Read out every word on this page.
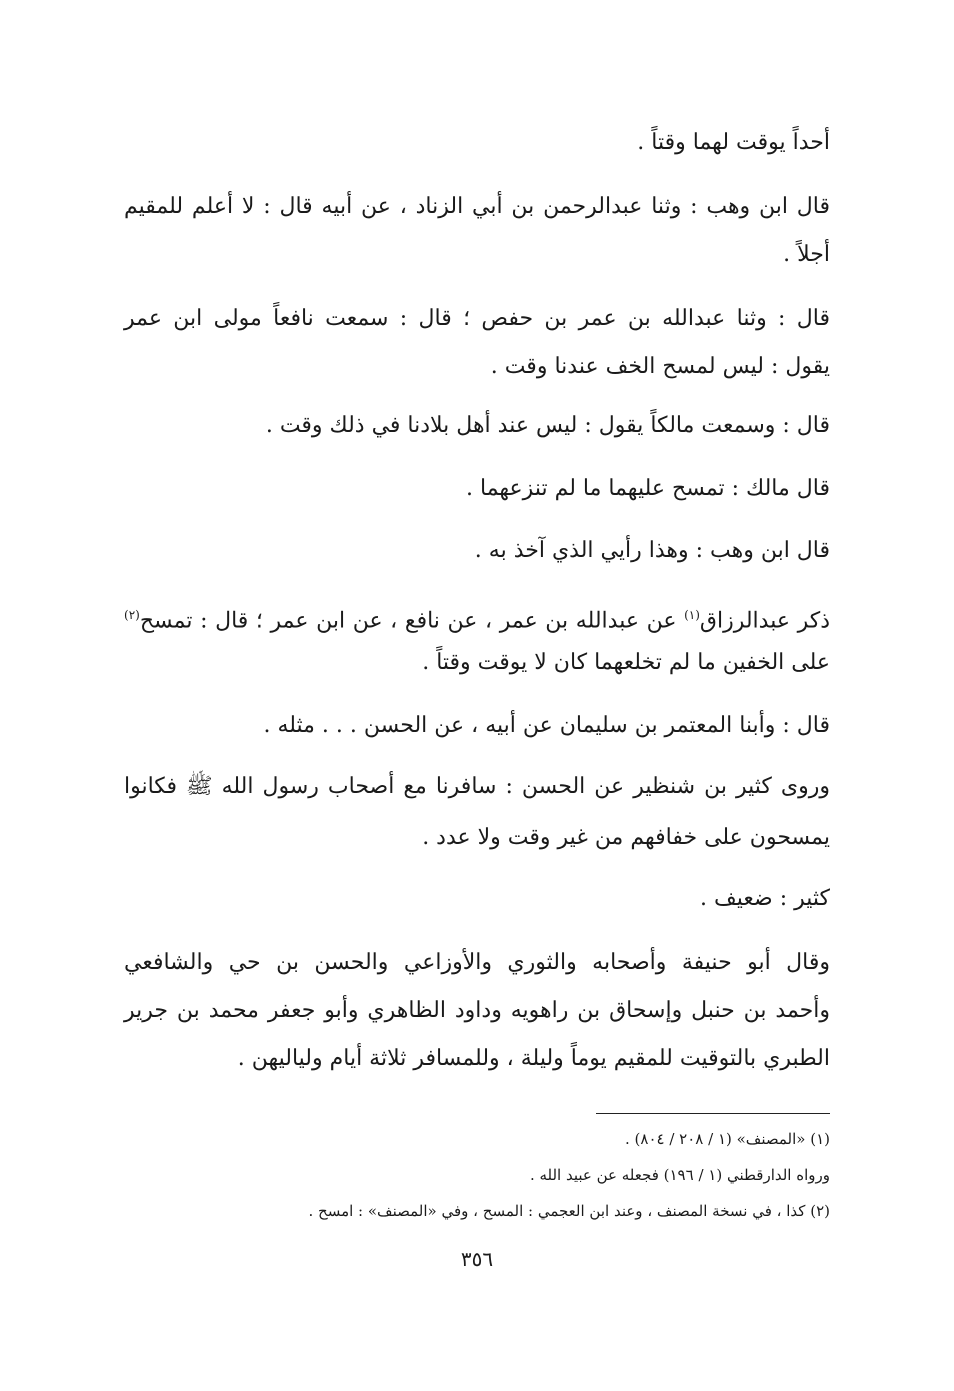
أحداً يوقت لهما وقتاً .
قال ابن وهب : وثنا عبدالرحمن بن أبي الزناد ، عن أبيه قال : لا أعلم للمقيم
أجلاً .
قال : وثنا عبدالله بن عمر بن حفص ؛ قال : سمعت نافعاً مولى ابن عمر
يقول : ليس لمسح الخف عندنا وقت .
قال : وسمعت مالكاً يقول : ليس عند أهل بلادنا في ذلك وقت .
قال مالك : تمسح عليهما ما لم تنزعهما .
قال ابن وهب : وهذا رأيي الذي آخذ به .
ذكر عبدالرزاق$^{(١)}$ عن عبدالله بن عمر ، عن نافع ، عن ابن عمر ؛ قال : تمسح$^{(٢)}$
على الخفين ما لم تخلعهما كان لا يوقت وقتاً .
قال : وأبنا المعتمر بن سليمان عن أبيه ، عن الحسن . . . مثله .
وروى كثير بن شنظير عن الحسن : سافرنا مع أصحاب رسول الله ﷺ فكانوا
يمسحون على خفافهم من غير وقت ولا عدد .
كثير : ضعيف .
وقال أبو حنيفة وأصحابه والثوري والأوزاعي والحسن بن حي والشافعي
وأحمد بن حنبل وإسحاق بن راهويه وداود الظاهري وأبو جعفر محمد بن جرير
الطبري بالتوقيت للمقيم يوماً وليلة ، وللمسافر ثلاثة أيام ولياليهن .
(١) «المصنف» (١ / ٢٠٨ / ٨٠٤) .
ورواه الدارقطني (١ / ١٩٦) فجعله عن عبيد الله .
(٢) كذا ، في نسخة المصنف ، وعند ابن العجمي : المسح ، وفي «المصنف» : امسح .
٣٥٦
